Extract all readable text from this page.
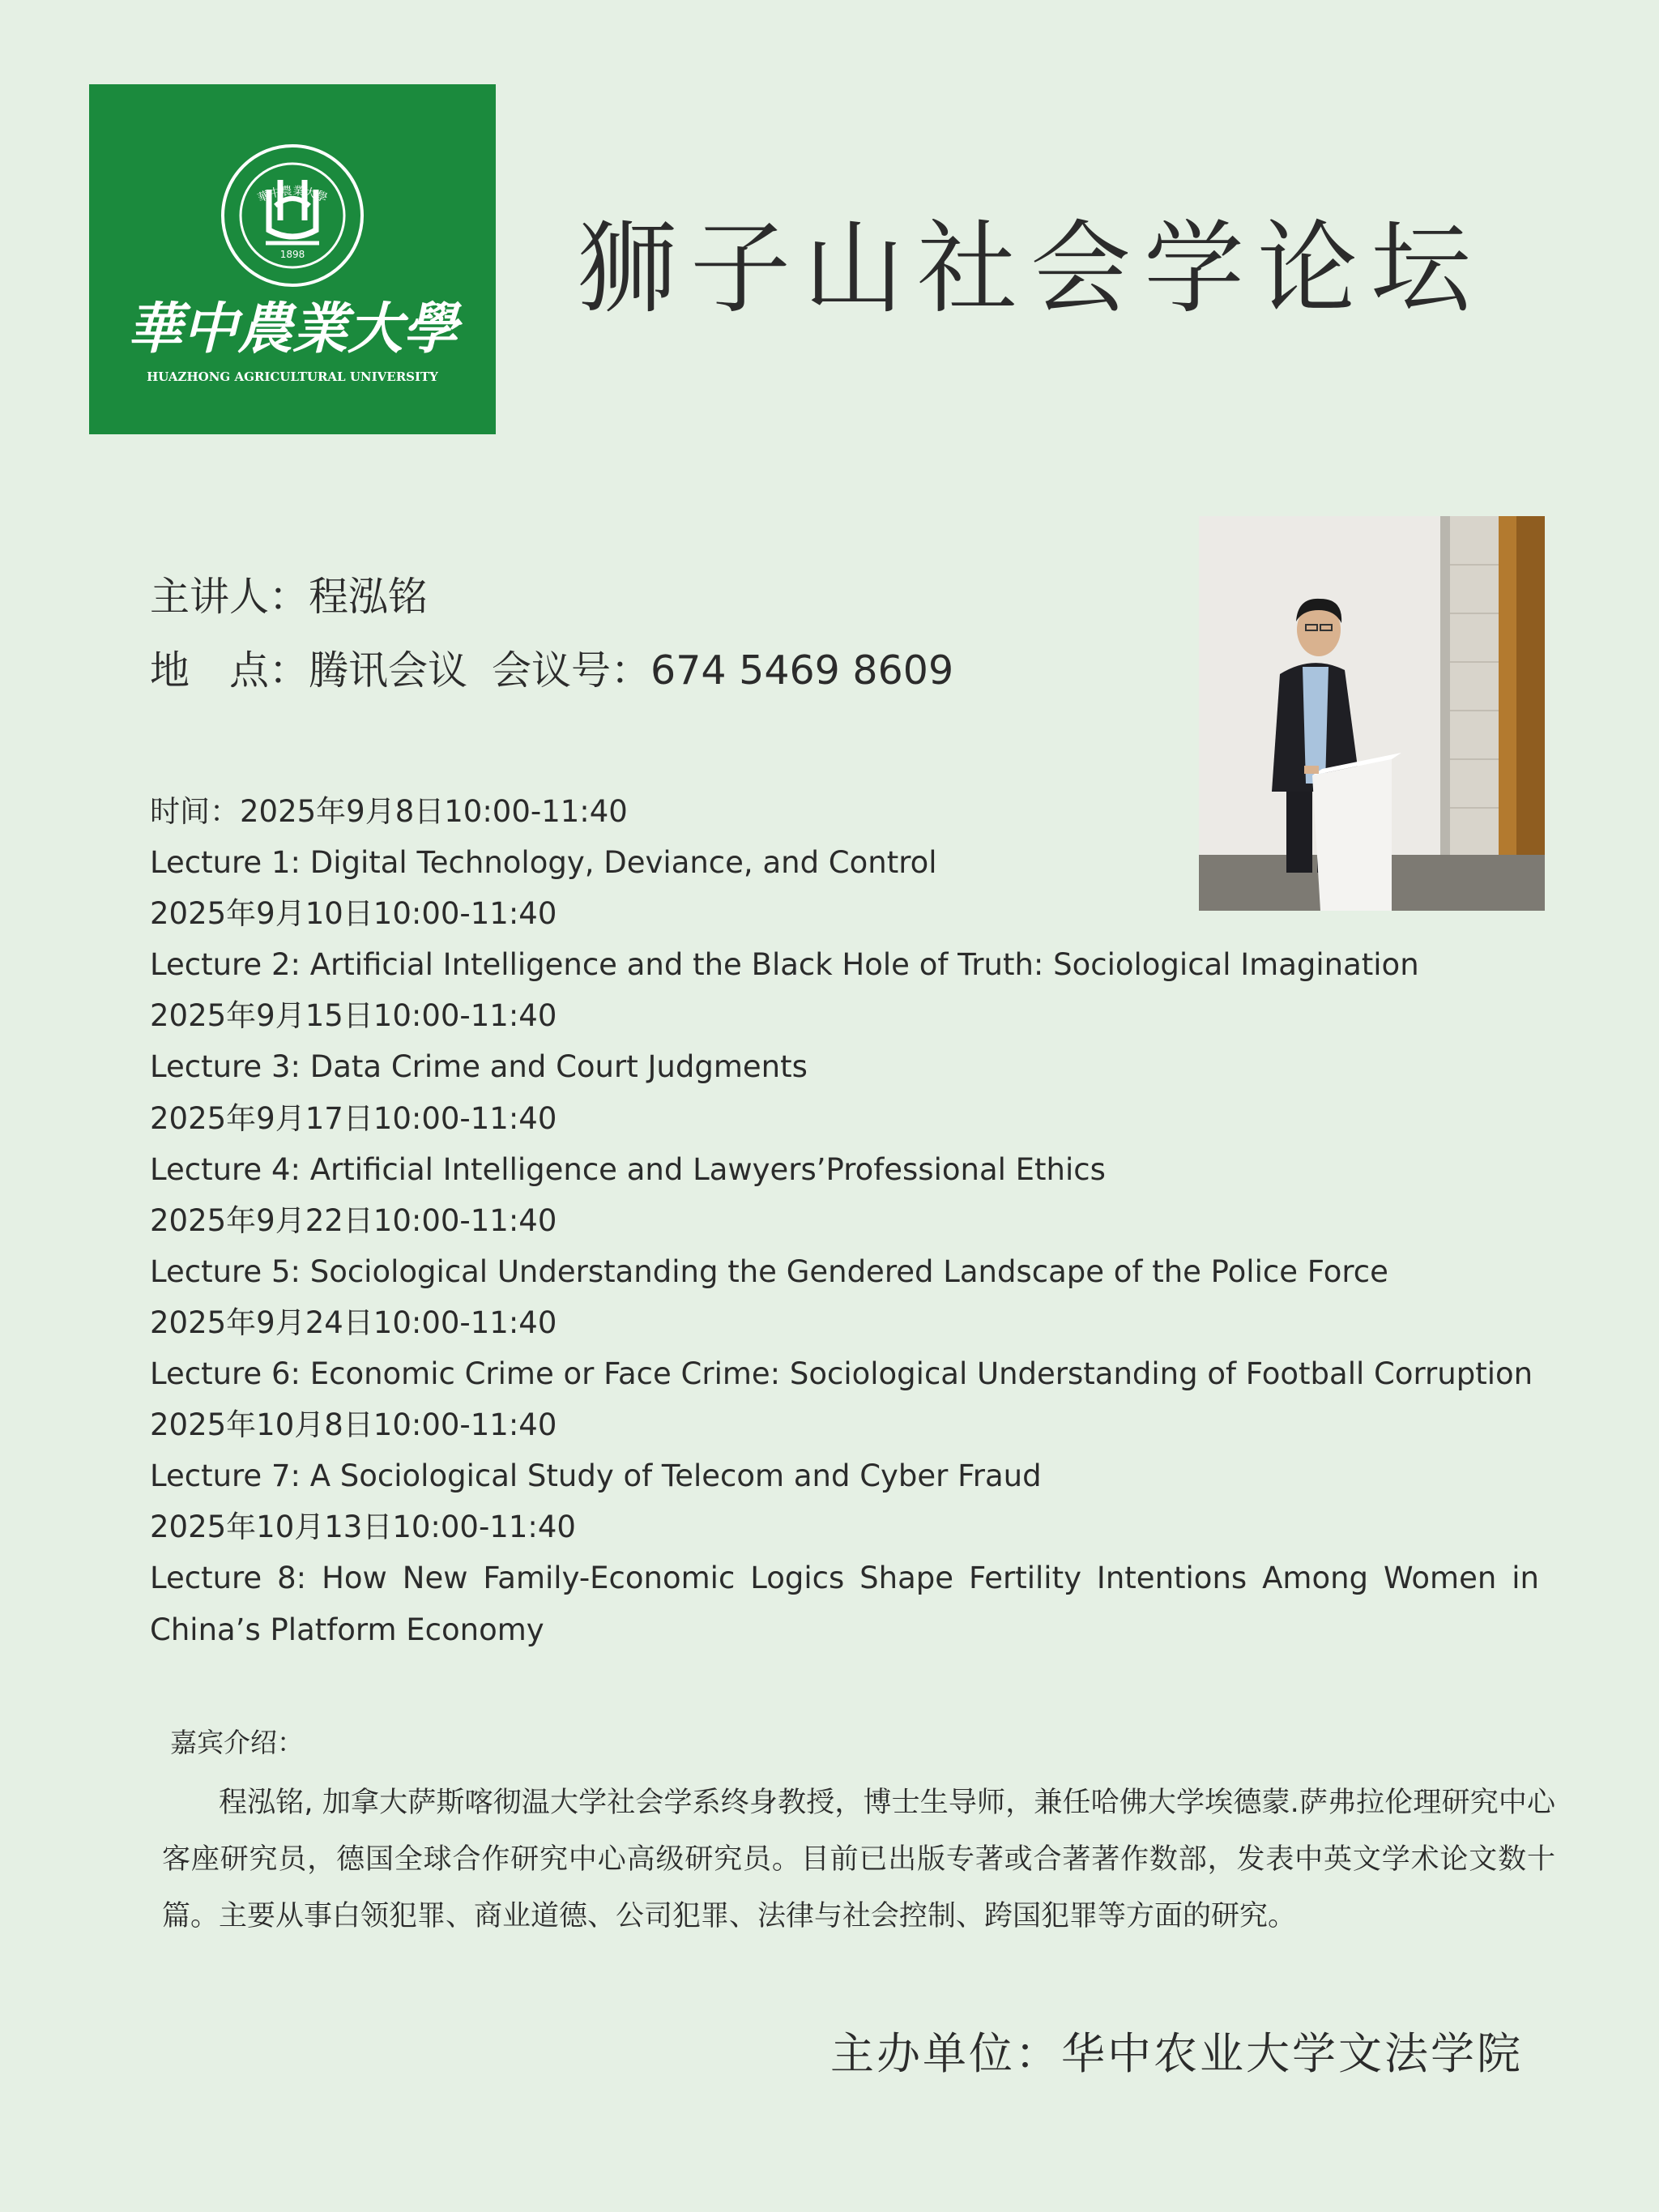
華中農業大學
1898
華中農業大學
HUAZHONG AGRICULTURAL UNIVERSITY
狮子山社会学论坛
主讲人：程泓铭
地　点：腾讯会议 会议号：674 5469 8609
时间：2025年9月8日10:00-11:40
Lecture 1: Digital Technology, Deviance, and Control
2025年9月10日10:00-11:40
Lecture 2: Artificial Intelligence and the Black Hole of Truth: Sociological Imagination
2025年9月15日10:00-11:40
Lecture 3: Data Crime and Court Judgments
2025年9月17日10:00-11:40
Lecture 4: Artificial Intelligence and Lawyers’Professional Ethics
2025年9月22日10:00-11:40
Lecture 5: Sociological Understanding the Gendered Landscape of the Police Force
2025年9月24日10:00-11:40
Lecture 6: Economic Crime or Face Crime: Sociological Understanding of Football Corruption
2025年10月8日10:00-11:40
Lecture 7: A Sociological Study of Telecom and Cyber Fraud
2025年10月13日10:00-11:40
Lecture 8: How New Family-Economic Logics Shape Fertility Intentions Among Women in China’s Platform Economy
嘉宾介绍：
程泓铭, 加拿大萨斯喀彻温大学社会学系终身教授，博士生导师，兼任哈佛大学埃德蒙.萨弗拉伦理研究中心客座研究员，德国全球合作研究中心高级研究员。目前已出版专著或合著著作数部，发表中英文学术论文数十篇。主要从事白领犯罪、商业道德、公司犯罪、法律与社会控制、跨国犯罪等方面的研究。
主办单位：华中农业大学文法学院
